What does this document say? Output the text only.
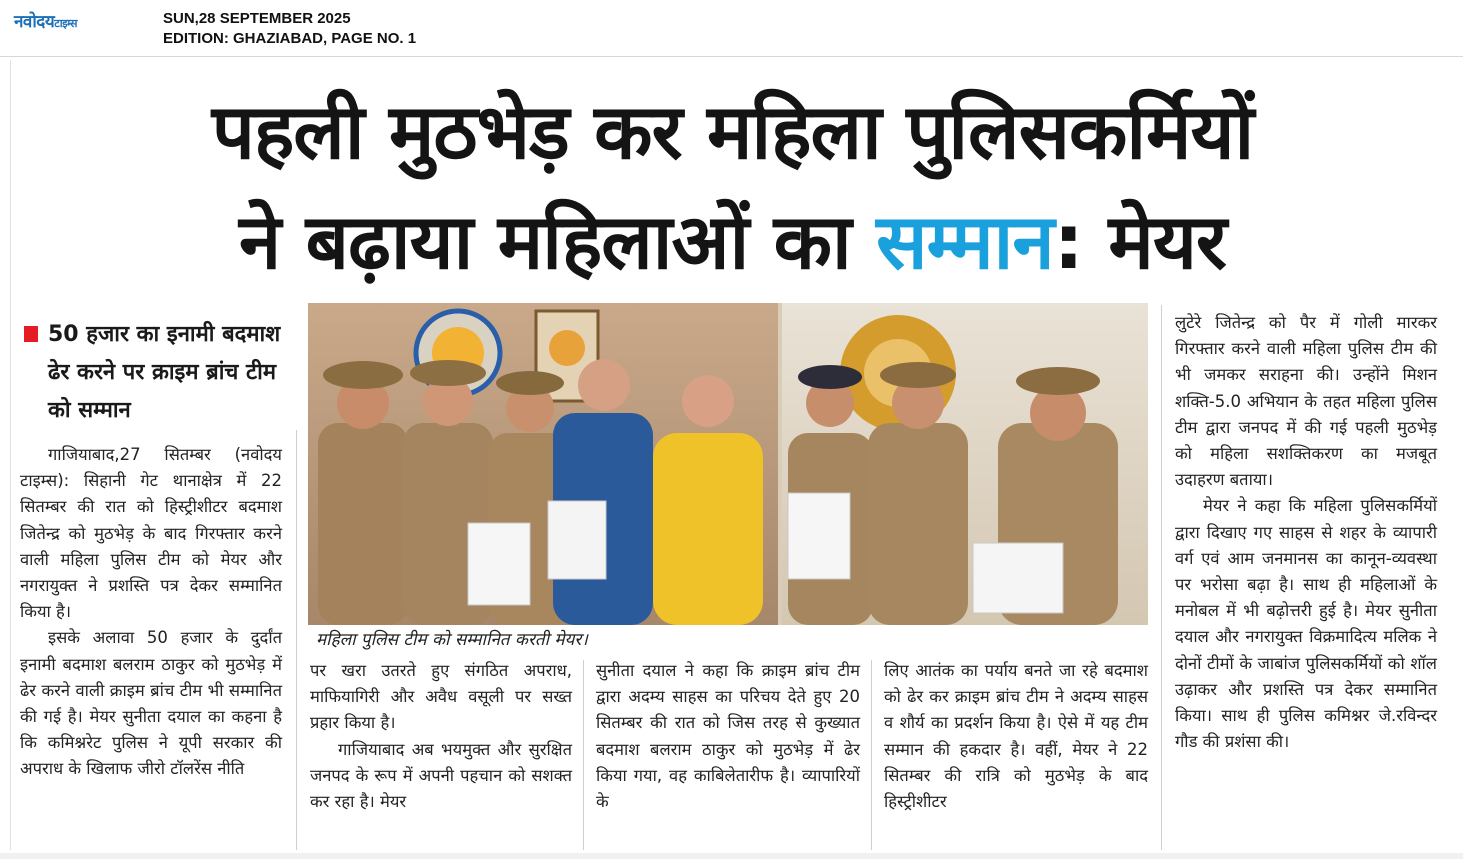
नवोदयटाइम्स	SUN,28 SEPTEMBER 2025
EDITION: GHAZIABAD, PAGE NO. 1
पहली मुठभेड़ कर महिला पुलिसकर्मियों
ने बढ़ाया महिलाओं का सम्मान: मेयर
50 हजार का इनामी बदमाश ढेर करने पर क्राइम ब्रांच टीम को सम्मान

गाजियाबाद,27 सितम्बर (नवोदय टाइम्स): सिहानी गेट थानाक्षेत्र में 22 सितम्बर की रात को हिस्ट्रीशीटर बदमाश जितेन्द्र को मुठभेड़ के बाद गिरफ्तार करने वाली महिला पुलिस टीम को मेयर और नगरायुक्त ने प्रशस्ति पत्र देकर सम्मानित किया है।

इसके अलावा 50 हजार के दुर्दांत इनामी बदमाश बलराम ठाकुर को मुठभेड़ में ढेर करने वाली क्राइम ब्रांच टीम भी सम्मानित की गई है। मेयर सुनीता दयाल का कहना है कि कमिश्नरेट पुलिस ने यूपी सरकार की अपराध के खिलाफ जीरो टॉलरेंस नीति

पर खरा उतरते हुए संगठित अपराध, माफियागिरी और अवैध वसूली पर सख्त प्रहार किया है।

गाजियाबाद अब भयमुक्त और सुरक्षित जनपद के रूप में अपनी पहचान को सशक्त कर रहा है। मेयर

सुनीता दयाल ने कहा कि क्राइम ब्रांच टीम द्वारा अदम्य साहस का परिचय देते हुए 20 सितम्बर की रात को जिस तरह से कुख्यात बदमाश बलराम ठाकुर को मुठभेड़ में ढेर किया गया, वह काबिलेतारीफ है। व्यापारियों के

लिए आतंक का पर्याय बनते जा रहे बदमाश को ढेर कर क्राइम ब्रांच टीम ने अदम्य साहस व शौर्य का प्रदर्शन किया है। ऐसे में यह टीम सम्मान की हकदार है। वहीं, मेयर ने 22 सितम्बर की रात्रि को मुठभेड़ के बाद हिस्ट्रीशीटर

लुटेरे जितेन्द्र को पैर में गोली मारकर गिरफ्तार करने वाली महिला पुलिस टीम की भी जमकर सराहना की। उन्होंने मिशन शक्ति-5.0 अभियान के तहत महिला पुलिस टीम द्वारा जनपद में की गई पहली मुठभेड़ को महिला सशक्तिकरण का मजबूत उदाहरण बताया।

मेयर ने कहा कि महिला पुलिसकर्मियों द्वारा दिखाए गए साहस से शहर के व्यापारी वर्ग एवं आम जनमानस का कानून-व्यवस्था पर भरोसा बढ़ा है। साथ ही महिलाओं के मनोबल में भी बढ़ोत्तरी हुई है। मेयर सुनीता दयाल और नगरायुक्त विक्रमादित्य मलिक ने दोनों टीमों के जाबांज पुलिसकर्मियों को शॉल उढ़ाकर और प्रशस्ति पत्र देकर सम्मानित किया। साथ ही पुलिस कमिश्नर जे.रविन्दर गौड की प्रशंसा की।

महिला पुलिस टीम को सम्मानित करती मेयर।
